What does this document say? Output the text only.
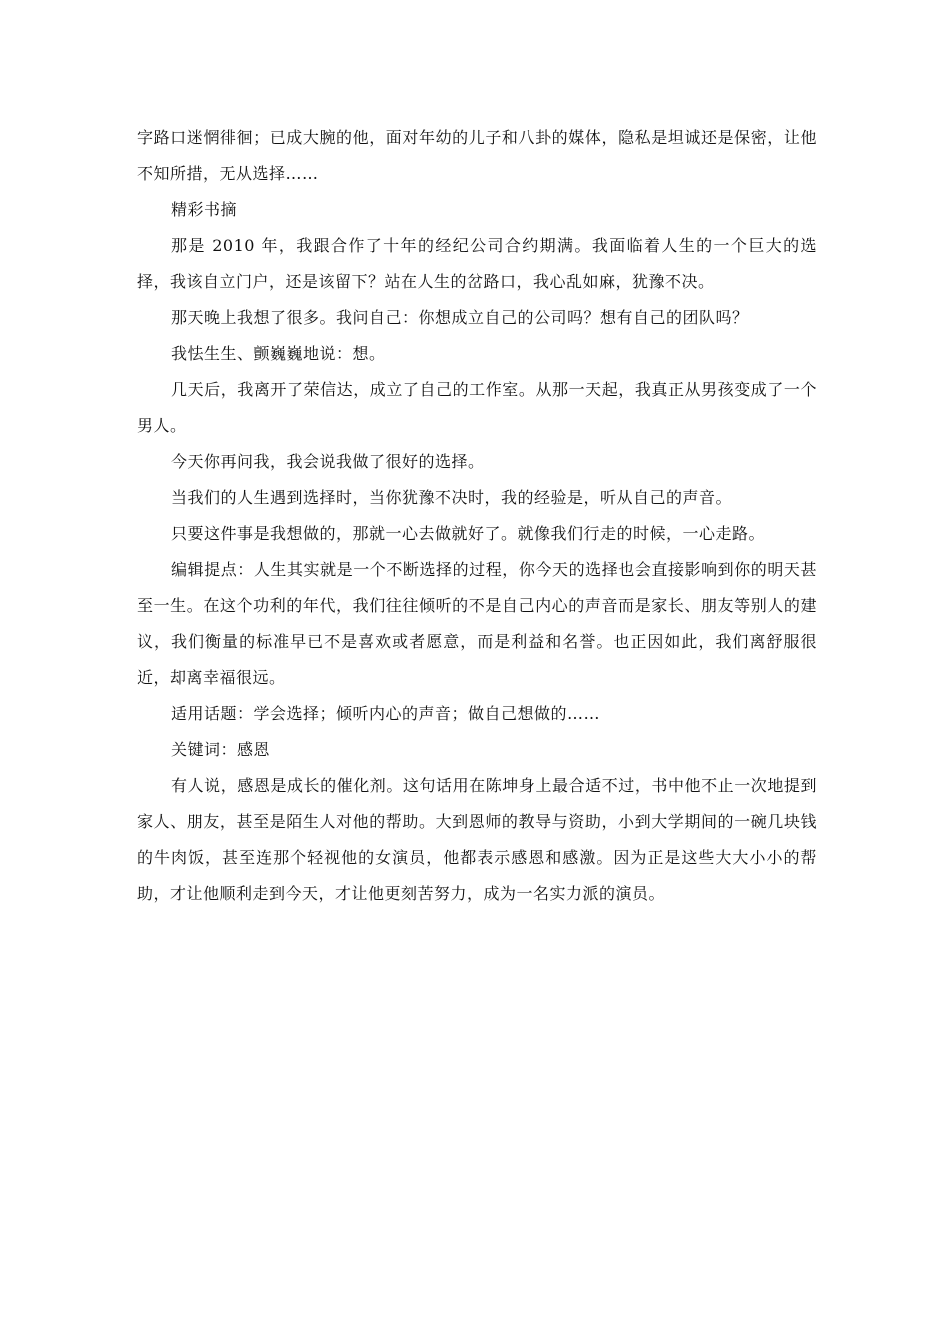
字路口迷惘徘徊；已成大腕的他，面对年幼的儿子和八卦的媒体，隐私是坦诚还是保密，让他不知所措，无从选择……

精彩书摘

那是 2010 年，我跟合作了十年的经纪公司合约期满。我面临着人生的一个巨大的选择，我该自立门户，还是该留下？站在人生的岔路口，我心乱如麻，犹豫不决。

那天晚上我想了很多。我问自己：你想成立自己的公司吗？想有自己的团队吗？

我怯生生、颤巍巍地说：想。

几天后，我离开了荣信达，成立了自己的工作室。从那一天起，我真正从男孩变成了一个男人。

今天你再问我，我会说我做了很好的选择。

当我们的人生遇到选择时，当你犹豫不决时，我的经验是，听从自己的声音。

只要这件事是我想做的，那就一心去做就好了。就像我们行走的时候，一心走路。

编辑提点：人生其实就是一个不断选择的过程，你今天的选择也会直接影响到你的明天甚至一生。在这个功利的年代，我们往往倾听的不是自己内心的声音而是家长、朋友等别人的建议，我们衡量的标准早已不是喜欢或者愿意，而是利益和名誉。也正因如此，我们离舒服很近，却离幸福很远。

适用话题：学会选择；倾听内心的声音；做自己想做的……

关键词：感恩

有人说，感恩是成长的催化剂。这句话用在陈坤身上最合适不过，书中他不止一次地提到家人、朋友，甚至是陌生人对他的帮助。大到恩师的教导与资助，小到大学期间的一碗几块钱的牛肉饭，甚至连那个轻视他的女演员，他都表示感恩和感激。因为正是这些大大小小的帮助，才让他顺利走到今天，才让他更刻苦努力，成为一名实力派的演员。
